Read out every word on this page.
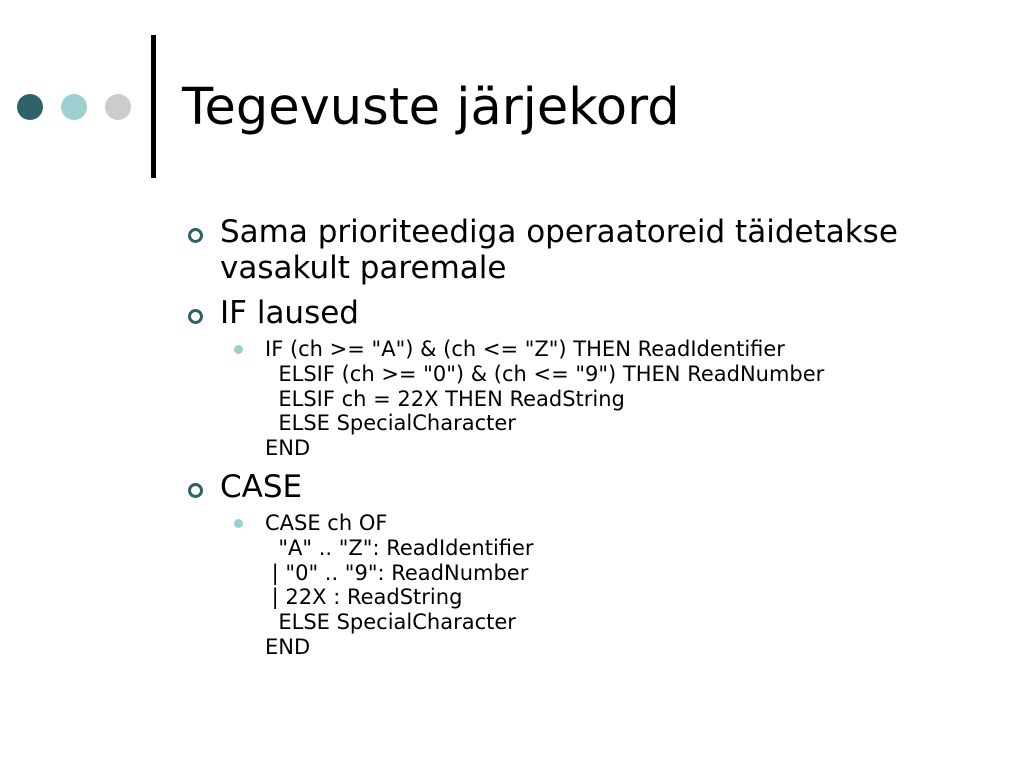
Tegevuste järjekord
Sama prioriteediga operaatoreid täidetakse
vasakult paremale
IF laused
IF (ch >= "A") & (ch <= "Z") THEN ReadIdentifier
ELSIF (ch >= "0") & (ch <= "9") THEN ReadNumber
ELSIF ch = 22X THEN ReadString
ELSE SpecialCharacter
END
CASE
CASE ch OF
"A" .. "Z": ReadIdentifier
| "0" .. "9": ReadNumber
| 22X : ReadString
ELSE SpecialCharacter
END
